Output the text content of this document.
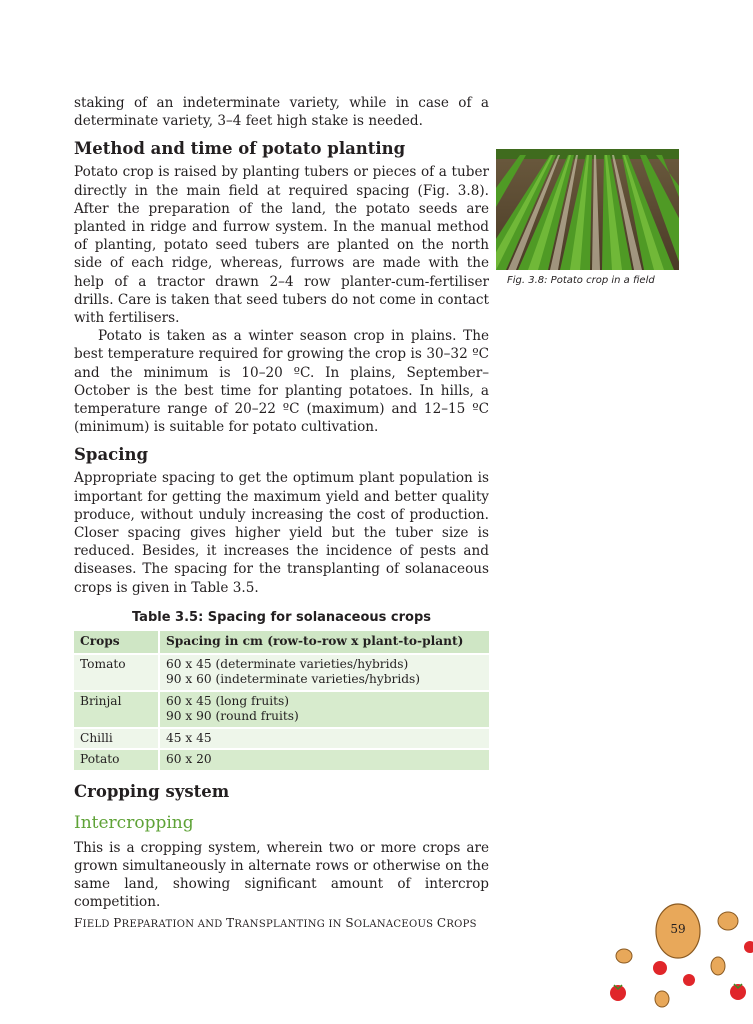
staking of an indeterminate variety, while in case of a determinate variety, 3–4 feet high stake is needed.

Method and time of potato planting

Potato crop is raised by planting tubers or pieces of a tuber directly in the main field at required spacing (Fig. 3.8). After the preparation of the land, the potato seeds are planted in ridge and furrow system. In the manual method of planting, potato seed tubers are planted on the north side of each ridge, whereas, furrows are made with the help of a tractor drawn 2–4 row planter-cum-fertiliser drills. Care is taken that seed tubers do not come in contact with fertilisers.

Potato is taken as a winter season crop in plains. The best temperature required for growing the crop is 30–32 ºC and the minimum is 10–20 ºC. In plains, September–October is the best time for planting potatoes. In hills, a temperature range of 20–22 ºC (maximum) and 12–15 ºC (minimum) is suitable for potato cultivation.

Spacing

Appropriate spacing to get the optimum plant population is important for getting the maximum yield and better quality produce, without unduly increasing the cost of production. Closer spacing gives higher yield but the tuber size is reduced. Besides, it increases the incidence of pests and diseases. The spacing for the transplanting of solanaceous crops is given in Table 3.5.

Table 3.5: Spacing for solanaceous crops
Crops	Spacing in cm (row-to-row x plant-to-plant)
Tomato	60 x 45 (determinate varieties/hybrids)
90 x 60 (indeterminate varieties/hybrids)

Brinjal	60 x 45 (long fruits)
90 x 90 (round fruits)

Chilli	45 x 45

Potato	60 x 20
Cropping system
Intercropping

This is a cropping system, wherein two or more crops are grown simultaneously in alternate rows or otherwise on the same land, showing significant amount of intercrop competition.

Fig. 3.8: Potato crop in a field
FIELD PREPARATION AND TRANSPLANTING IN SOLANACEOUS CROPS	59
